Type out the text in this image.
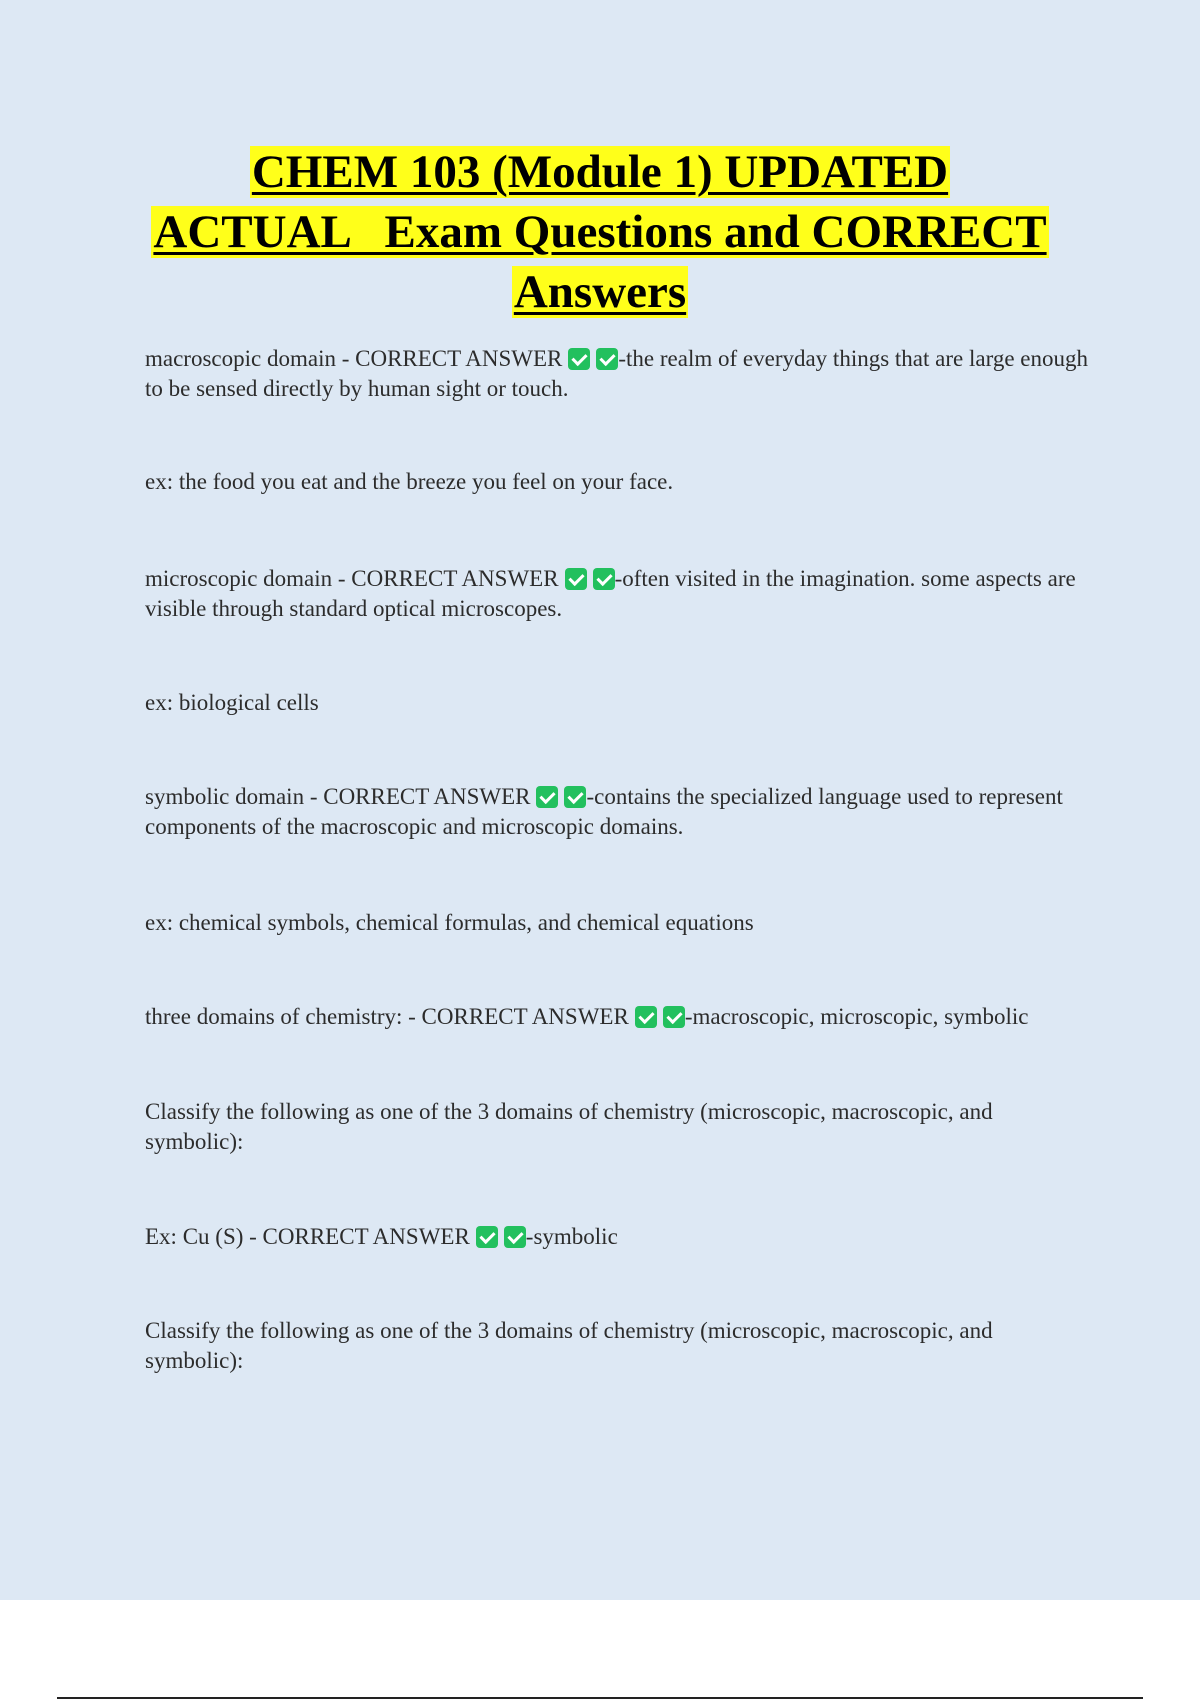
CHEM 103 (Module 1) UPDATED
ACTUAL   Exam Questions and CORRECT
Answers
macroscopic domain - CORRECT ANSWER -the realm of everyday things that are large enough to be sensed directly by human sight or touch.
ex: the food you eat and the breeze you feel on your face.
microscopic domain - CORRECT ANSWER -often visited in the imagination. some aspects are visible through standard optical microscopes.
ex: biological cells
symbolic domain - CORRECT ANSWER -contains the specialized language used to represent components of the macroscopic and microscopic domains.
ex: chemical symbols, chemical formulas, and chemical equations
three domains of chemistry: - CORRECT ANSWER -macroscopic, microscopic, symbolic
Classify the following as one of the 3 domains of chemistry (microscopic, macroscopic, and symbolic):
Ex: Cu (S) - CORRECT ANSWER -symbolic
Classify the following as one of the 3 domains of chemistry (microscopic, macroscopic, and symbolic):
